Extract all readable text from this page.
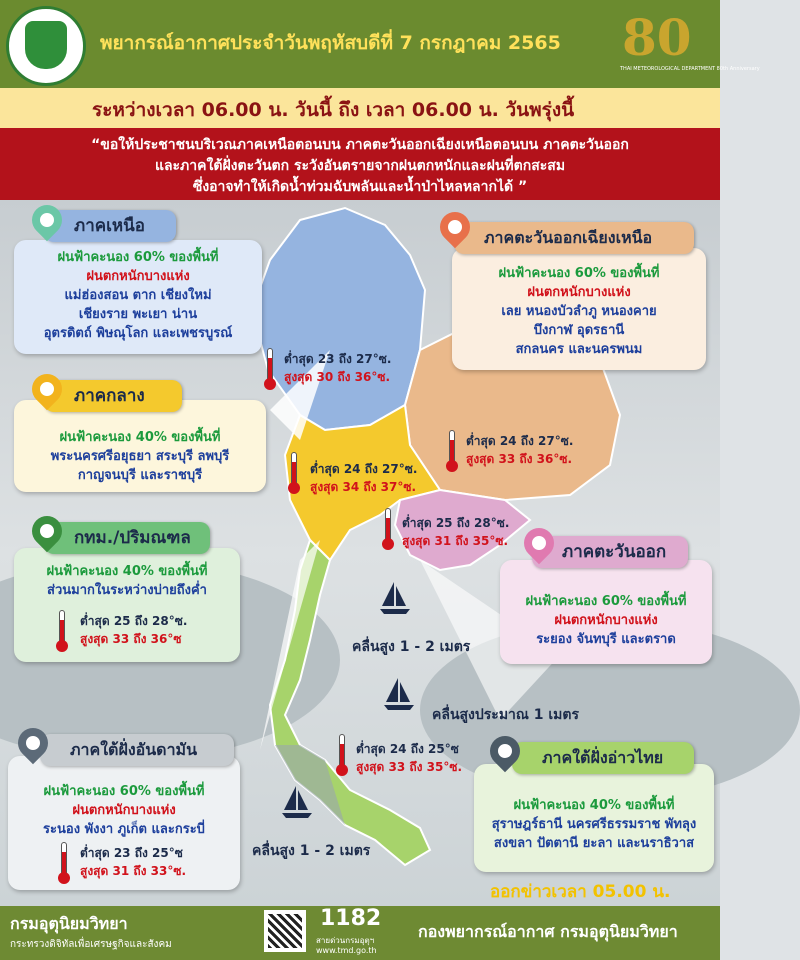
พยากรณ์อากาศประจำวันพฤหัสบดีที่ 7 กรกฎาคม 2565	80
THAI METEOROLOGICAL DEPARTMENT 80th Anniversary
ระหว่างเวลา 06.00 น. วันนี้ ถึง เวลา 06.00 น. วันพรุ่งนี้
“ขอให้ประชาชนบริเวณภาคเหนือตอนบน ภาคตะวันออกเฉียงเหนือตอนบน ภาคตะวันออก
และภาคใต้ฝั่งตะวันตก ระวังอันตรายจากฝนตกหนักและฝนที่ตกสะสม
ซึ่งอาจทำให้เกิดน้ำท่วมฉับพลันและน้ำป่าไหลหลากได้ ”
ฝนฟ้าคะนอง 60% ของพื้นที่
ฝนตกหนักบางแห่ง
แม่ฮ่องสอน ตาก เชียงใหม่
เชียงราย พะเยา น่าน
อุตรดิตถ์ พิษณุโลก และเพชรบูรณ์
ภาคเหนือ
ต่ำสุด 23 ถึง 27°ซ.
สูงสุด 30 ถึง 36°ซ.
ฝนฟ้าคะนอง 60% ของพื้นที่
ฝนตกหนักบางแห่ง
เลย หนองบัวลำภู หนองคาย
บึงกาฬ อุดรธานี
สกลนคร และนครพนม
ภาคตะวันออกเฉียงเหนือ
ต่ำสุด 24 ถึง 27°ซ.
สูงสุด 33 ถึง 36°ซ.
ฝนฟ้าคะนอง 40% ของพื้นที่
พระนครศรีอยุธยา สระบุรี ลพบุรี
กาญจนบุรี และราชบุรี
ภาคกลาง
ต่ำสุด 24 ถึง 27°ซ.
สูงสุด 34 ถึง 37°ซ.
ต่ำสุด 25 ถึง 28°ซ.
สูงสุด 31 ถึง 35°ซ.
ฝนฟ้าคะนอง 40% ของพื้นที่
ส่วนมากในระหว่างบ่ายถึงค่ำ
กทม./ปริมณฑล
ต่ำสุด 25 ถึง 28°ซ.
สูงสุด 33 ถึง 36°ซ
ฝนฟ้าคะนอง 60% ของพื้นที่
ฝนตกหนักบางแห่ง
ระยอง จันทบุรี และตราด
ภาคตะวันออก
คลื่นสูง 1 - 2 เมตร
คลื่นสูงประมาณ 1 เมตร
คลื่นสูง 1 - 2 เมตร
ฝนฟ้าคะนอง 60% ของพื้นที่
ฝนตกหนักบางแห่ง
ระนอง พังงา ภูเก็ต และกระบี่
ภาคใต้ฝั่งอันดามัน
ต่ำสุด 23 ถึง 25°ซ
สูงสุด 31 ถึง 33°ซ.
ต่ำสุด 24 ถึง 25°ซ
สูงสุด 33 ถึง 35°ซ.
ฝนฟ้าคะนอง 40% ของพื้นที่
สุราษฎร์ธานี นครศรีธรรมราช พัทลุง
สงขลา ปัตตานี ยะลา และนราธิวาส
ภาคใต้ฝั่งอ่าวไทย
ออกข่าวเวลา 05.00 น.
กรมอุตุนิยมวิทยา
กระทรวงดิจิทัลเพื่อเศรษฐกิจและสังคม
1182
สายด่วนกรมอุตุฯ
www.tmd.go.th
กองพยากรณ์อากาศ กรมอุตุนิยมวิทยา
